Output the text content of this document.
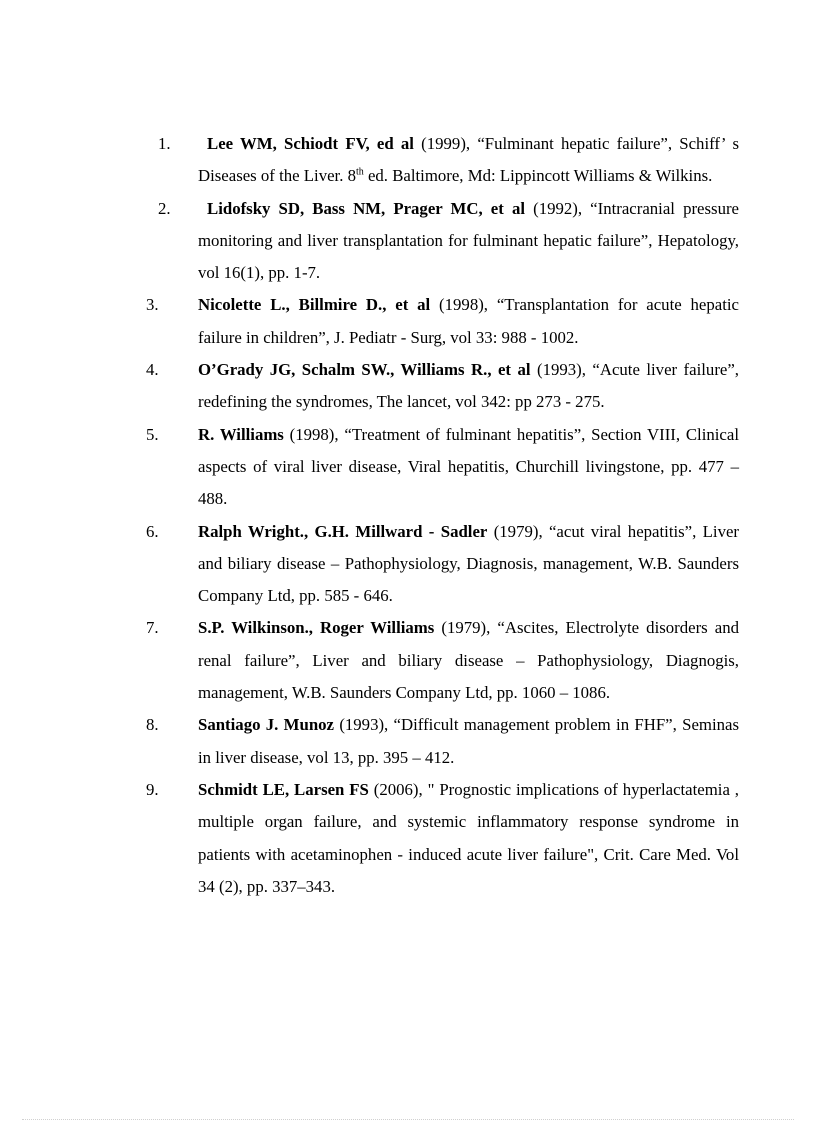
1. Lee WM, Schiodt FV, ed al (1999), “Fulminant hepatic failure”, Schiff’ s Diseases of the Liver. 8th ed. Baltimore, Md: Lippincott Williams & Wilkins.
2. Lidofsky SD, Bass NM, Prager MC, et al (1992), “Intracranial pressure monitoring and liver transplantation for fulminant hepatic failure”, Hepatology, vol 16(1), pp. 1-7.
3. Nicolette L., Billmire D., et al (1998), “Transplantation for acute hepatic failure in children”, J. Pediatr - Surg, vol 33: 988 - 1002.
4. O’Grady JG, Schalm SW., Williams R., et al (1993), “Acute liver failure”, redefining the syndromes, The lancet, vol 342: pp 273 - 275.
5. R. Williams (1998), “Treatment of fulminant hepatitis”, Section VIII, Clinical aspects of viral liver disease, Viral hepatitis, Churchill livingstone, pp. 477 – 488.
6. Ralph Wright., G.H. Millward - Sadler (1979), “acut viral hepatitis”, Liver and biliary disease – Pathophysiology, Diagnosis, management, W.B. Saunders Company Ltd, pp. 585 - 646.
7. S.P. Wilkinson., Roger Williams (1979), “Ascites, Electrolyte disorders and renal failure”, Liver and biliary disease – Pathophysiology, Diagnogis, management, W.B. Saunders Company Ltd, pp. 1060 – 1086.
8. Santiago J. Munoz (1993), “Difficult management problem in FHF”, Seminas in liver disease, vol 13, pp. 395 – 412.
9. Schmidt LE, Larsen FS (2006), " Prognostic implications of hyperlactatemia , multiple organ failure, and systemic inflammatory response syndrome in patients with acetaminophen - induced acute liver failure", Crit. Care Med. Vol 34 (2), pp. 337–343.
